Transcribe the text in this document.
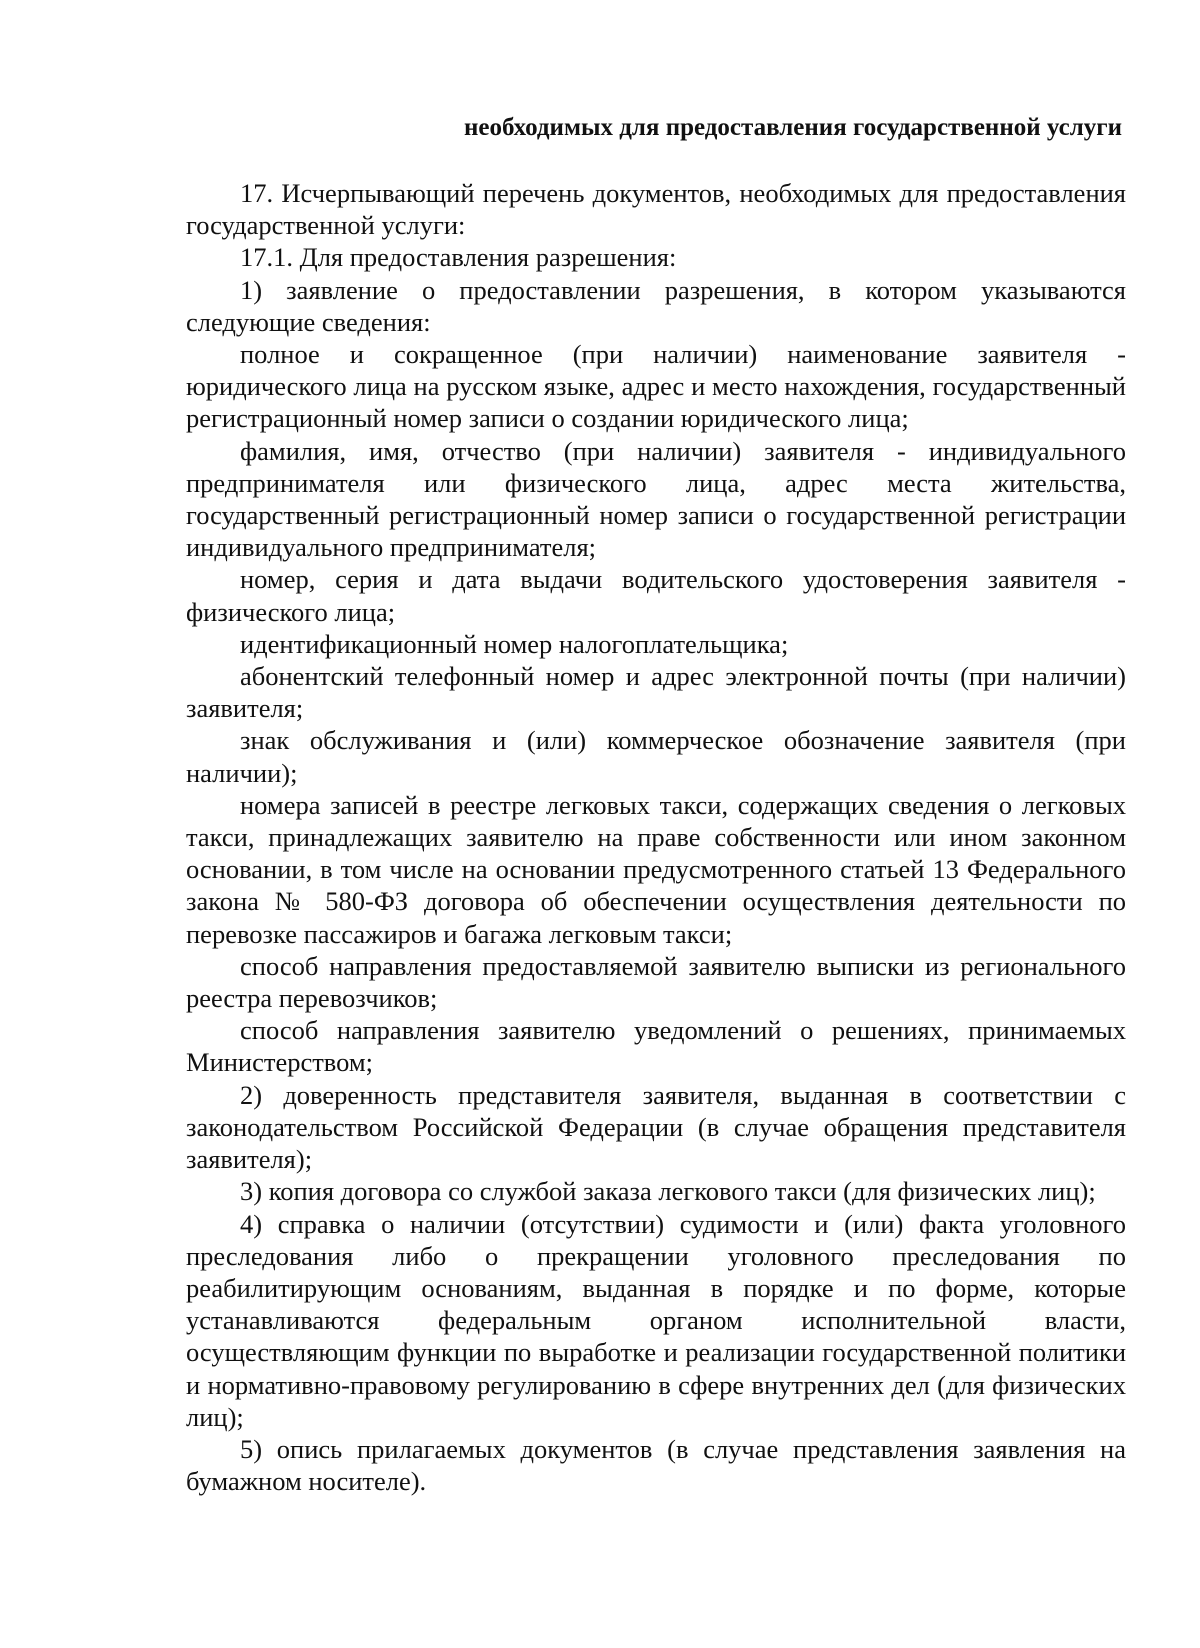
необходимых для предоставления государственной услуги

17. Исчерпывающий перечень документов, необходимых для предоставления государственной услуги:

17.1. Для предоставления разрешения:

1) заявление о предоставлении разрешения, в котором указываются следующие сведения:

полное и сокращенное (при наличии) наименование заявителя - юридического лица на русском языке, адрес и место нахождения, государственный регистрационный номер записи о создании юридического лица;

фамилия, имя, отчество (при наличии) заявителя - индивидуального предпринимателя или физического лица, адрес места жительства, государственный регистрационный номер записи о государственной регистрации индивидуального предпринимателя;

номер, серия и дата выдачи водительского удостоверения заявителя - физического лица;

идентификационный номер налогоплательщика;

абонентский телефонный номер и адрес электронной почты (при наличии) заявителя;

знак обслуживания и (или) коммерческое обозначение заявителя (при наличии);

номера записей в реестре легковых такси, содержащих сведения о легковых такси, принадлежащих заявителю на праве собственности или ином законном основании, в том числе на основании предусмотренного статьей 13 Федерального закона № 580-ФЗ договора об обеспечении осуществления деятельности по перевозке пассажиров и багажа легковым такси;

способ направления предоставляемой заявителю выписки из регионального реестра перевозчиков;

способ направления заявителю уведомлений о решениях, принимаемых Министерством;

2) доверенность представителя заявителя, выданная в соответствии с законодательством Российской Федерации (в случае обращения представителя заявителя);

3) копия договора со службой заказа легкового такси (для физических лиц);

4) справка о наличии (отсутствии) судимости и (или) факта уголовного преследования либо о прекращении уголовного преследования по реабилитирующим основаниям, выданная в порядке и по форме, которые устанавливаются федеральным органом исполнительной власти, осуществляющим функции по выработке и реализации государственной политики и нормативно-правовому регулированию в сфере внутренних дел (для физических лиц);

5) опись прилагаемых документов (в случае представления заявления на бумажном носителе).
